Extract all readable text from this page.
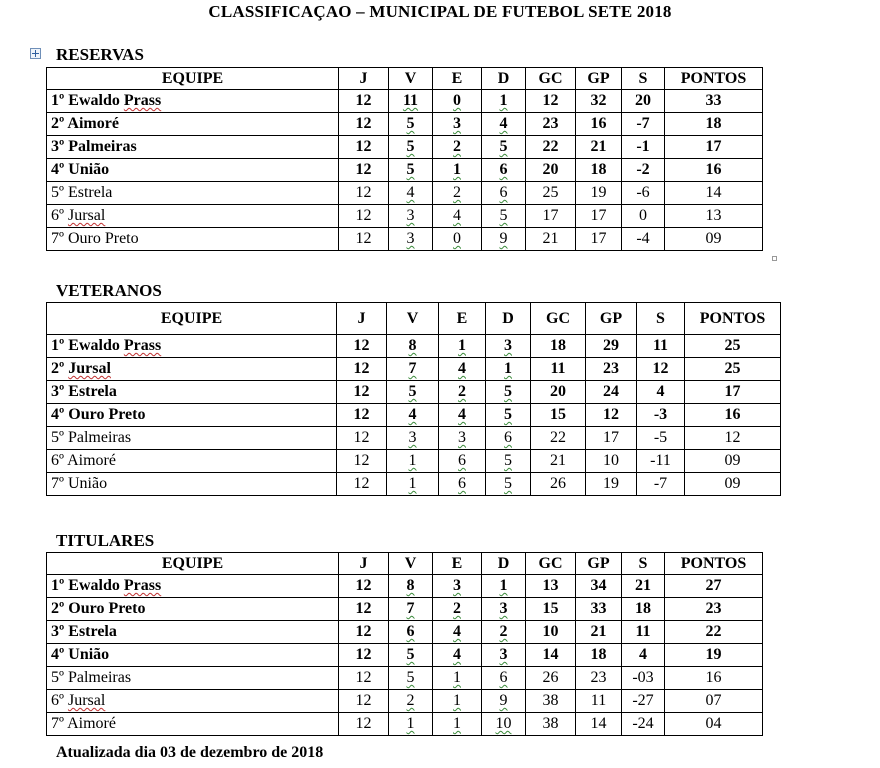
CLASSIFICAÇAO – MUNICIPAL DE FUTEBOL SETE 2018
RESERVAS
EQUIPE	J	V	E	D	GC	GP	S	PONTOS
1º Ewaldo Prass	12	11	0	1	12	32	20	33
2º Aimoré	12	5	3	4	23	16	-7	18
3º Palmeiras	12	5	2	5	22	21	-1	17
4º União	12	5	1	6	20	18	-2	16
5º Estrela	12	4	2	6	25	19	-6	14
6º Jursal	12	3	4	5	17	17	0	13
7º Ouro Preto	12	3	0	9	21	17	-4	09
VETERANOS
EQUIPE	J	V	E	D	GC	GP	S	PONTOS
1º Ewaldo Prass	12	8	1	3	18	29	11	25
2º Jursal	12	7	4	1	11	23	12	25
3º Estrela	12	5	2	5	20	24	4	17
4º Ouro Preto	12	4	4	5	15	12	-3	16
5º Palmeiras	12	3	3	6	22	17	-5	12
6º Aimoré	12	1	6	5	21	10	-11	09
7º União	12	1	6	5	26	19	-7	09
TITULARES
EQUIPE	J	V	E	D	GC	GP	S	PONTOS
1º Ewaldo Prass	12	8	3	1	13	34	21	27
2º Ouro Preto	12	7	2	3	15	33	18	23
3º Estrela	12	6	4	2	10	21	11	22
4º União	12	5	4	3	14	18	4	19
5º Palmeiras	12	5	1	6	26	23	-03	16
6º Jursal	12	2	1	9	38	11	-27	07
7º Aimoré	12	1	1	10	38	14	-24	04
Atualizada dia 03 de dezembro de 2018
